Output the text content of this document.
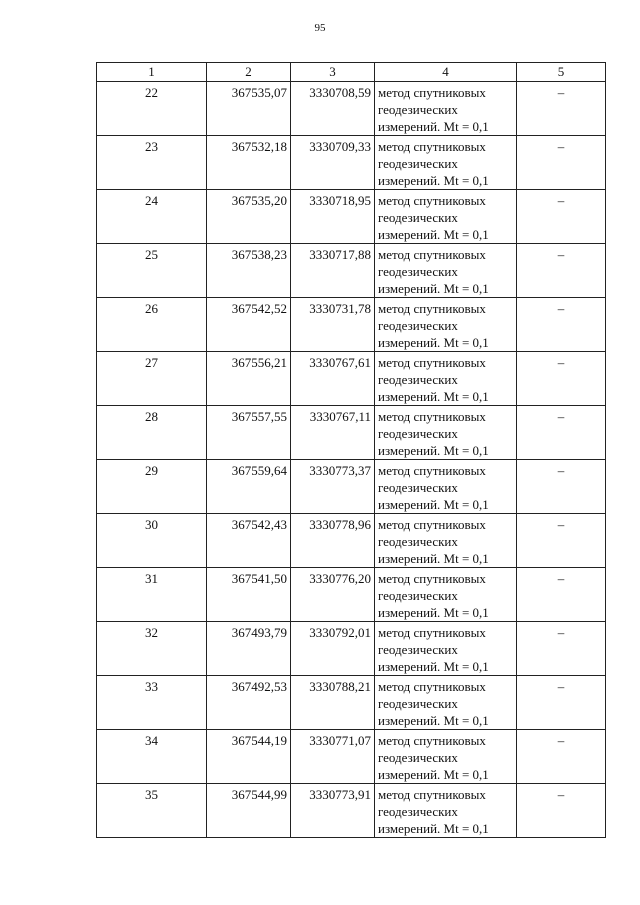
95
1	2	3	4	5
22	367535,07	3330708,59	метод спутниковых
геодезических
измерений. Mt = 0,1	–
23	367532,18	3330709,33	метод спутниковых
геодезических
измерений. Mt = 0,1	–
24	367535,20	3330718,95	метод спутниковых
геодезических
измерений. Mt = 0,1	–
25	367538,23	3330717,88	метод спутниковых
геодезических
измерений. Mt = 0,1	–
26	367542,52	3330731,78	метод спутниковых
геодезических
измерений. Mt = 0,1	–
27	367556,21	3330767,61	метод спутниковых
геодезических
измерений. Mt = 0,1	–
28	367557,55	3330767,11	метод спутниковых
геодезических
измерений. Mt = 0,1	–
29	367559,64	3330773,37	метод спутниковых
геодезических
измерений. Mt = 0,1	–
30	367542,43	3330778,96	метод спутниковых
геодезических
измерений. Mt = 0,1	–
31	367541,50	3330776,20	метод спутниковых
геодезических
измерений. Mt = 0,1	–
32	367493,79	3330792,01	метод спутниковых
геодезических
измерений. Mt = 0,1	–
33	367492,53	3330788,21	метод спутниковых
геодезических
измерений. Mt = 0,1	–
34	367544,19	3330771,07	метод спутниковых
геодезических
измерений. Mt = 0,1	–
35	367544,99	3330773,91	метод спутниковых
геодезических
измерений. Mt = 0,1	–
